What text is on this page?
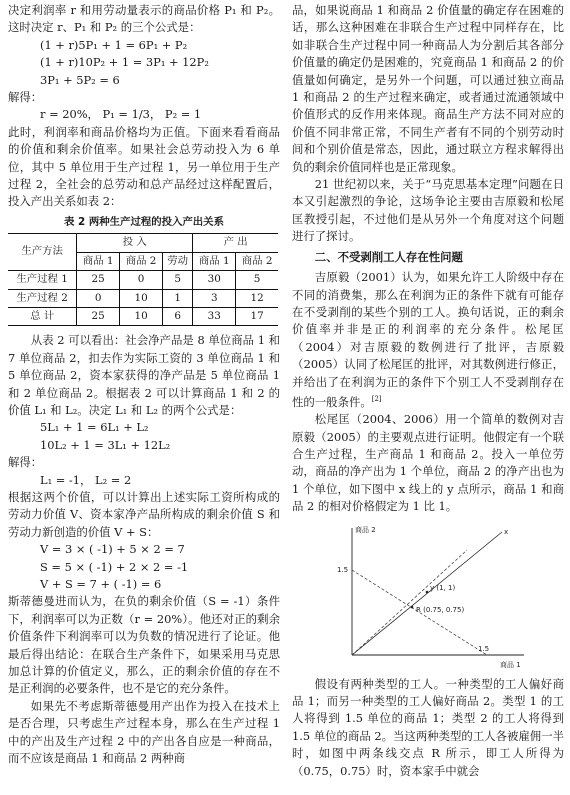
决定利润率 r 和用劳动量表示的商品价格 P₁ 和 P₂。这时决定 r、P₁ 和 P₂ 的三个公式是：

(1 + r)5P₁ + 1 = 6P₁ + P₂
(1 + r)10P₂ + 1 = 3P₁ + 12P₂
3P₁ + 5P₂ = 6

解得：

r = 20%， P₁ = 1/3， P₂ = 1

此时，利润率和商品价格均为正值。下面来看看商品的价值和剩余价值率。如果社会总劳动投入为 6 单位，其中 5 单位用于生产过程 1，另一单位用于生产过程 2，全社会的总劳动和总产品经过这样配置后，投入产出关系如表 2：

表 2 两种生产过程的投入产出关系
生产方法	投 入			产 出	
	商品 1	商品 2	劳动	商品 1	商品 2
生产过程 1	25	0	5	30	5
生产过程 2	0	10	1	3	12
总 计	25	10	6	33	17

从表 2 可以看出：社会净产品是 8 单位商品 1 和 7 单位商品 2，扣去作为实际工资的 3 单位商品 1 和 5 单位商品 2，资本家获得的净产品是 5 单位商品 1 和 2 单位商品 2。根据表 2 可以计算商品 1 和 2 的价值 L₁ 和 L₂。决定 L₁ 和 L₂ 的两个公式是：

5L₁ + 1 = 6L₁ + L₂
10L₂ + 1 = 3L₁ + 12L₂

解得：

L₁ = -1， L₂ = 2

根据这两个价值，可以计算出上述实际工资所构成的劳动力价值 V、资本家净产品所构成的剩余价值 S 和劳动力新创造的价值 V + S：

V = 3 × ( -1) + 5 × 2 = 7
S = 5 × ( -1) + 2 × 2 = -1
V + S = 7 + ( -1) = 6

斯蒂德曼进而认为，在负的剩余价值（S = -1）条件下，利润率可以为正数（r = 20%）。他还对正的剩余价值条件下利润率可以为负数的情况进行了论证。他最后得出结论：在联合生产条件下，如果采用马克思加总计算的价值定义，那么，正的剩余价值的存在不是正利润的必要条件，也不是它的充分条件。

如果先不考虑斯蒂德曼用产出作为投入在技术上是否合理，只考虑生产过程本身，那么在生产过程 1 中的产出及生产过程 2 中的产出各自应是一种商品，而不应该是商品 1 和商品 2 两种商

品，如果说商品 1 和商品 2 价值量的确定存在困难的话，那么这种困难在非联合生产过程中同样存在，比如非联合生产过程中同一种商品人为分割后其各部分价值量的确定仍是困难的，究竟商品 1 和商品 2 的价值量如何确定，是另外一个问题，可以通过独立商品 1 和商品 2 的生产过程来确定，或者通过流通领域中价值形式的反作用来体现。商品生产方法不同对应的价值不同非常正常，不同生产者有不同的个别劳动时间和个别价值是常态，因此，通过联立方程求解得出负的剩余价值同样也是正常现象。

21 世纪初以来，关于“马克思基本定理”问题在日本又引起激烈的争论，这场争论主要由吉原毅和松尾匡教授引起，不过他们是从另外一个角度对这个问题进行了探讨。

二、不受剥削工人存在性问题

吉原毅（2001）认为，如果允许工人阶级中存在不同的消费集，那么在利润为正的条件下就有可能存在不受剥削的某些个别的工人。换句话说，正的剩余价值率并非是正的利润率的充分条件。松尾匡（2004）对吉原毅的数例进行了批评，吉原毅（2005）认同了松尾匡的批评，对其数例进行修正，并给出了在利润为正的条件下个别工人不受剥削存在性的一般条件。[2]

松尾匡（2004、2006）用一个简单的数例对吉原毅（2005）的主要观点进行证明。他假定有一个联合生产过程，生产商品 1 和商品 2。投入一单位劳动，商品的净产出为 1 个单位，商品 2 的净产出也为 1 个单位，如下图中 x 线上的 y 点所示，商品 1 和商品 2 的相对价格假定为 1 比 1。

商品 2
商品 1
x
1.5
1.5
y (1, 1)
R (0.75, 0.75)

假设有两种类型的工人。一种类型的工人偏好商品 1；而另一种类型的工人偏好商品 2。类型 1 的工人将得到 1.5 单位的商品 1；类型 2 的工人将得到 1.5 单位的商品 2。当这两种类型的工人各被雇佣一半时，如图中两条线交点 R 所示，即工人所得为（0.75，0.75）时，资本家手中就会
